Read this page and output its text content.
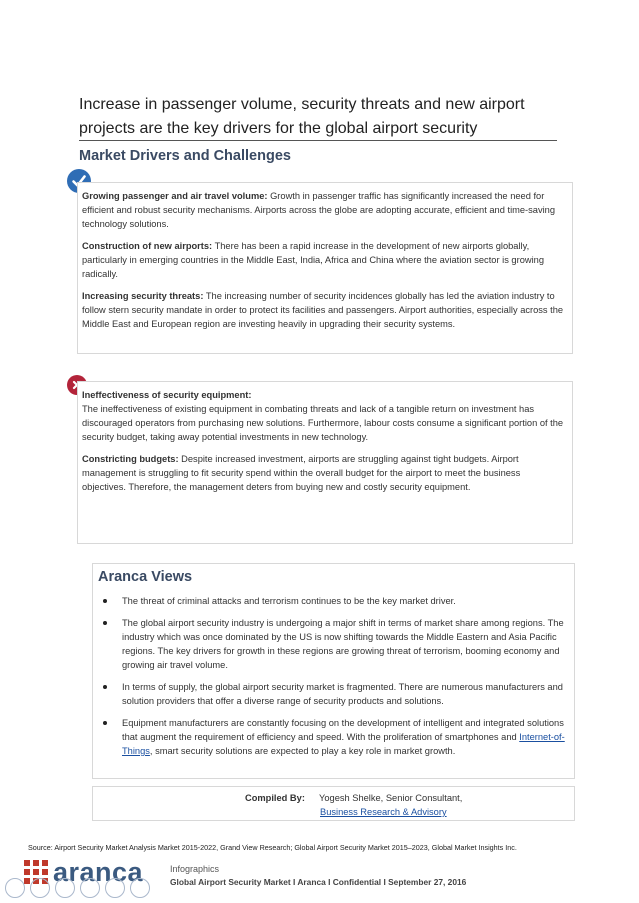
Increase in passenger volume, security threats and new airport
projects are the key drivers for the global airport security
Market Drivers and Challenges

Growing passenger and air travel volume: Growth in passenger traffic has significantly increased the need for efficient and robust security mechanisms. Airports across the globe are adopting accurate, efficient and time-saving technology solutions.

Construction of new airports: There has been a rapid increase in the development of new airports globally, particularly in emerging countries in the Middle East, India, Africa and China where the aviation sector is growing radically.

Increasing security threats: The increasing number of security incidences globally has led the aviation industry to follow stern security mandate in order to protect its facilities and passengers. Airport authorities, especially across the Middle East and European region are investing heavily in upgrading their security systems.

Ineffectiveness of security equipment:
The ineffectiveness of existing equipment in combating threats and lack of a tangible return on investment has discouraged operators from purchasing new solutions. Furthermore, labour costs consume a significant portion of the security budget, taking away potential investments in new technology.

Constricting budgets: Despite increased investment, airports are struggling against tight budgets. Airport management is struggling to fit security spend within the overall budget for the airport to meet the business objectives. Therefore, the management deters from buying new and costly security equipment.

Aranca Views
The threat of criminal attacks and terrorism continues to be the key market driver.
The global airport security industry is undergoing a major shift in terms of market share among regions. The industry which was once dominated by the US is now shifting towards the Middle Eastern and Asia Pacific regions. The key drivers for growth in these regions are growing threat of terrorism, booming economy and growing air travel volume.
In terms of supply, the global airport security market is fragmented. There are numerous manufacturers and solution providers that offer a diverse range of security products and solutions.
Equipment manufacturers are constantly focusing on the development of intelligent and integrated solutions that augment the requirement of efficiency and speed. With the proliferation of smartphones and Internet-of-Things, smart security solutions are expected to play a key role in market growth.
Compiled By: Yogesh Shelke, Senior Consultant,
Business Research & Advisory
Source: Airport Security Market Analysis Market 2015-2022, Grand View Research; Global Airport Security Market 2015–2023, Global Market Insights Inc.
aranca	Infographics
Global Airport Security Market I Aranca I Confidential I September 27, 2016
